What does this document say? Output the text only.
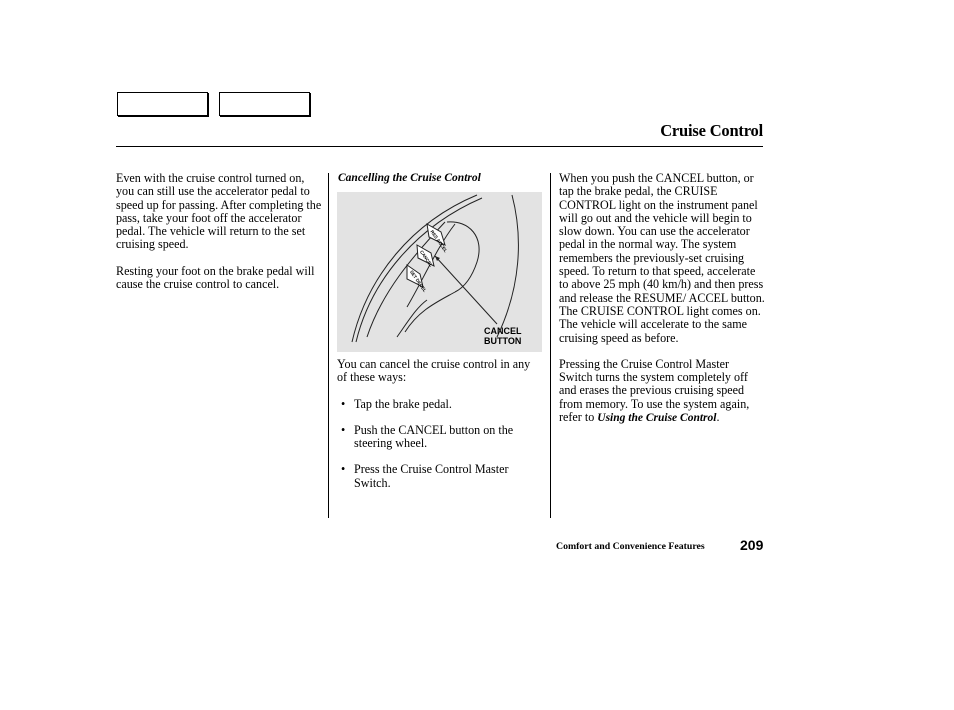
Cruise Control

Even with the cruise control turned on, you can still use the accelerator pedal to speed up for passing. After completing the pass, take your foot off the accelerator pedal. The vehicle will return to the set cruising speed.

Resting your foot on the brake pedal will cause the cruise control to cancel.

Cancelling the Cruise Control
RES ACCEL
CANCEL
SET DECEL
CANCEL
BUTTON

You can cancel the cruise control in any of these ways:

• Tap the brake pedal.
• Push the CANCEL button on the steering wheel.
• Press the Cruise Control Master Switch.

When you push the CANCEL button, or tap the brake pedal, the CRUISE CONTROL light on the instrument panel will go out and the vehicle will begin to slow down. You can use the accelerator pedal in the normal way. The system remembers the previously-set cruising speed. To return to that speed, accelerate to above 25 mph (40 km/h) and then press and release the RESUME/ ACCEL button. The CRUISE CONTROL light comes on. The vehicle will accelerate to the same cruising speed as before.

Pressing the Cruise Control Master Switch turns the system completely off and erases the previous cruising speed from memory. To use the system again, refer to Using the Cruise Control.

Comfort and Convenience Features	209
